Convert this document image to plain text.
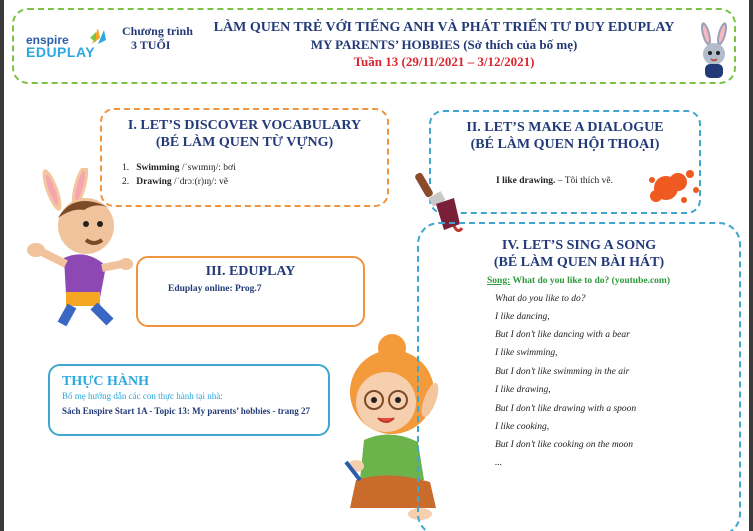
enspire
EDUPLAY
Chương trình
3 TUỔI
LÀM QUEN TRẺ VỚI TIẾNG ANH VÀ PHÁT TRIỂN TƯ DUY EDUPLAY
MY PARENTS’ HOBBIES (Sở thích của bố mẹ)
Tuần 13 (29/11/2021 – 3/12/2021)
I. LET’S DISCOVER VOCABULARY
(BÉ LÀM QUEN TỪ VỰNG)
1. Swimming /ˈswɪmɪŋ/: bơi
2. Drawing /ˈdrɔː(r)ɪŋ/: vẽ
II. LET’S MAKE A DIALOGUE
(BÉ LÀM QUEN HỘI THOẠI)
I like drawing. – Tôi thích vẽ.
III. EDUPLAY
Eduplay online: Prog.7
THỰC HÀNH
Bố mẹ hướng dẫn các con thực hành tại nhà:
Sách Enspire Start 1A - Topic 13: My parents’ hobbies - trang 27
IV. LET’S SING A SONG
(BÉ LÀM QUEN BÀI HÁT)
Song: What do you like to do? (youtube.com)
What do you like to do?
I like dancing,
But I don’t like dancing with a bear
I like swimming,
But I don’t like swimming in the air
I like drawing,
But I don’t like drawing with a spoon
I like cooking,
But I don’t like cooking on the moon
...
